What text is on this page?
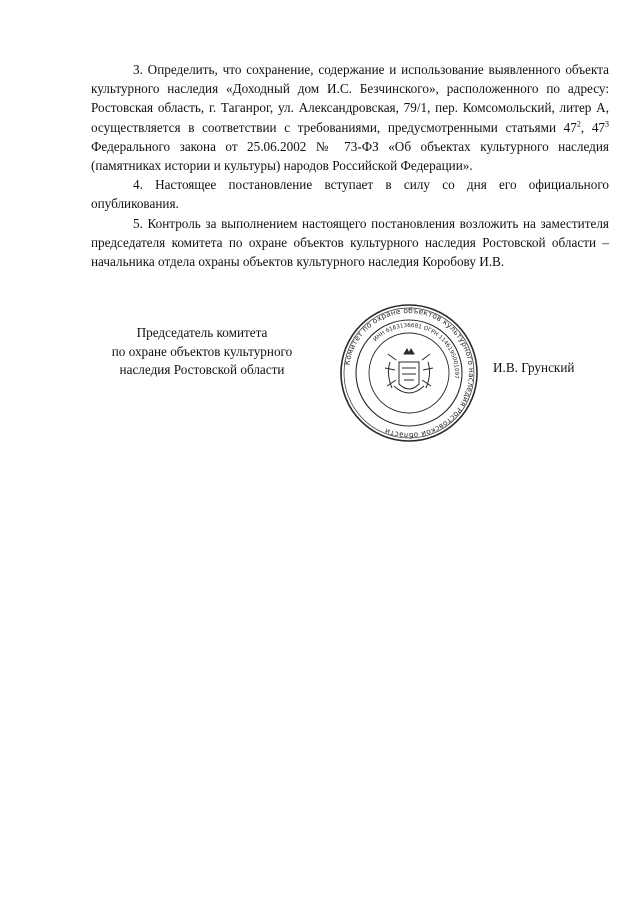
3. Определить, что сохранение, содержание и использование выявленного объекта культурного наследия «Доходный дом И.С. Безчинского», расположенного по адресу: Ростовская область, г. Таганрог, ул. Александровская, 79/1, пер. Комсомольский, литер А, осуществляется в соответствии с требованиями, предусмотренными статьями $47^2$, $47^3$ Федерального закона от 25.06.2002 № 73-ФЗ «Об объектах культурного наследия (памятниках истории и культуры) народов Российской Федерации».

4. Настоящее постановление вступает в силу со дня его официального опубликования.

5. Контроль за выполнением настоящего постановления возложить на заместителя председателя комитета по охране объектов культурного наследия Ростовской области – начальника отдела охраны объектов культурного наследия Коробову И.В.

Председатель комитета
по охране объектов культурного
наследия Ростовской области	Комитет по охране объектов культурного наследия Ростовской области
ИНН 6163136681 ОГРН 1146195001097
И.В. Грунский
